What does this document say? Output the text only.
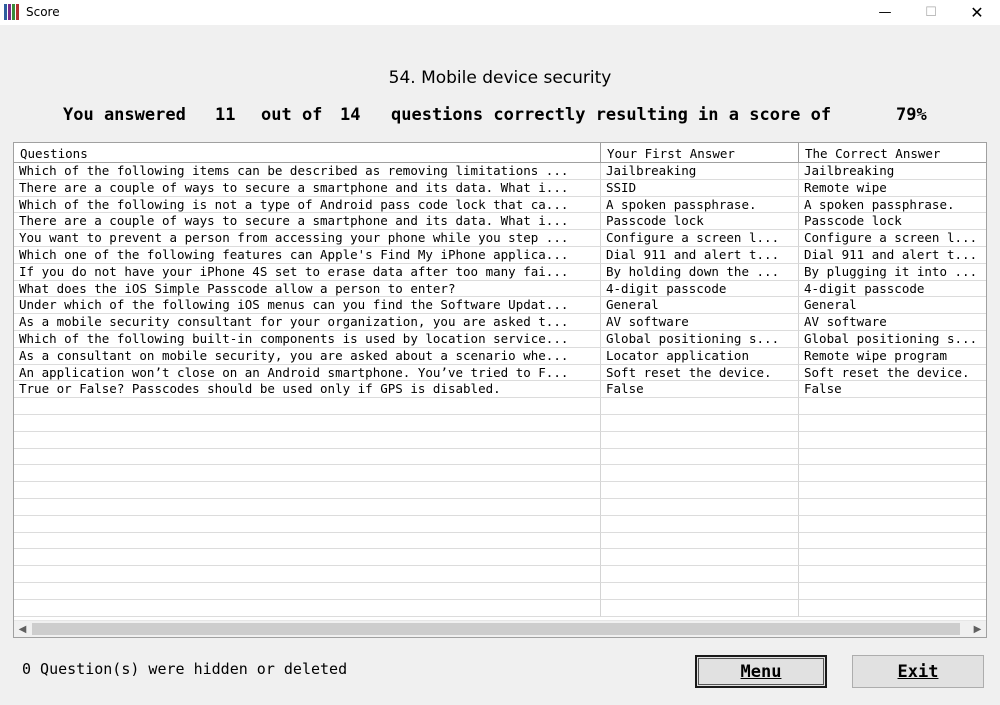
Score	—	☐	✕
54. Mobile device security
You answered 11 out of 14 questions correctly resulting in a score of	79%
Questions	Your First Answer	The Correct Answer
Which of the following items can be described as removing limitations ...	Jailbreaking	Jailbreaking
There are a couple of ways to secure a smartphone and its data. What i...	SSID	Remote wipe
Which of the following is not a type of Android pass code lock that ca...	A spoken passphrase.	A spoken passphrase.
There are a couple of ways to secure a smartphone and its data. What i...	Passcode lock	Passcode lock
You want to prevent a person from accessing your phone while you step ...	Configure a screen l...	Configure a screen l...
Which one of the following features can Apple's Find My iPhone applica...	Dial 911 and alert t...	Dial 911 and alert t...
If you do not have your iPhone 4S set to erase data after too many fai...	By holding down the ...	By plugging it into ...
What does the iOS Simple Passcode allow a person to enter?	4-digit passcode	4-digit passcode
Under which of the following iOS menus can you find the Software Updat...	General	General
As a mobile security consultant for your organization, you are asked t...	AV software	AV software
Which of the following built-in components is used by location service...	Global positioning s...	Global positioning s...
As a consultant on mobile security, you are asked about a scenario whe...	Locator application	Remote wipe program
An application won’t close on an Android smartphone. You’ve tried to F...	Soft reset the device.	Soft reset the device.
True or False? Passcodes should be used only if GPS is disabled.	False	False
◀	▶
0 Question(s) were hidden or deleted	Menu	Exit
